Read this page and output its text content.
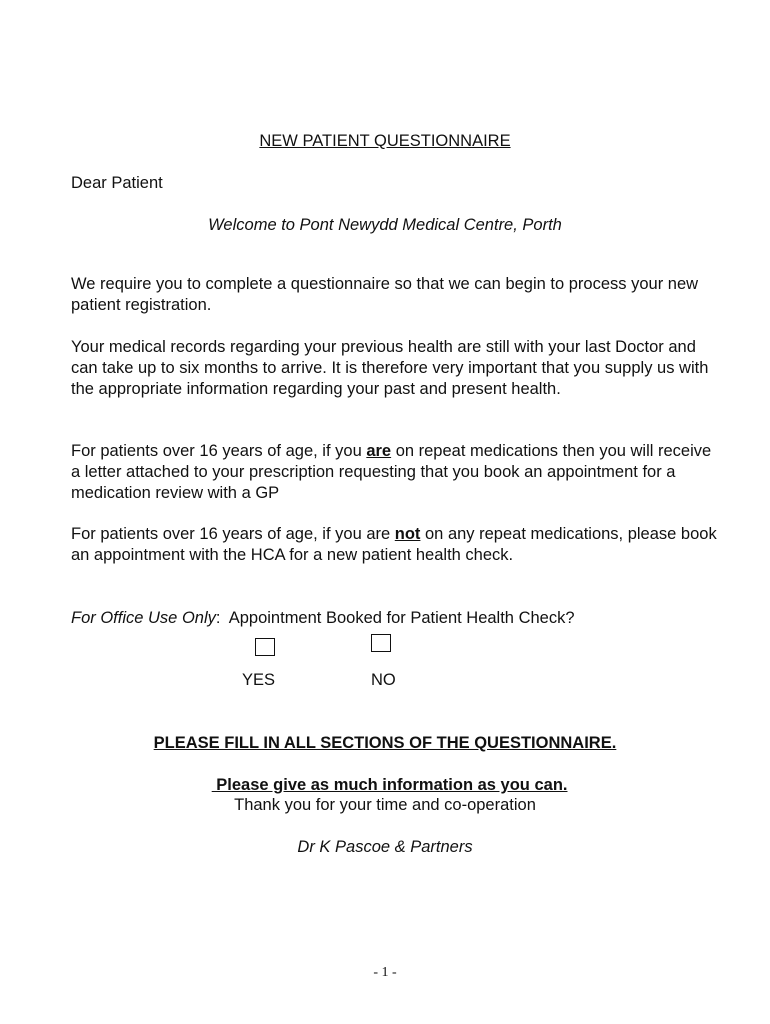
NEW PATIENT QUESTIONNAIRE
Dear Patient
Welcome to Pont Newydd Medical Centre, Porth

We require you to complete a questionnaire so that we can begin to process your new patient registration.

Your medical records regarding your previous health are still with your last Doctor and can take up to six months to arrive. It is therefore very important that you supply us with the appropriate information regarding your past and present health.

For patients over 16 years of age, if you are on repeat medications then you will receive a letter attached to your prescription requesting that you book an appointment for a medication review with a GP

For patients over 16 years of age, if you are not on any repeat medications, please book an appointment with the HCA for a new patient health check.

For Office Use Only:  Appointment Booked for Patient Health Check?
YES	NO
PLEASE FILL IN ALL SECTIONS OF THE QUESTIONNAIRE.

Please give as much information as you can.

Thank you for your time and co-operation
Dr K Pascoe & Partners
- 1 -
